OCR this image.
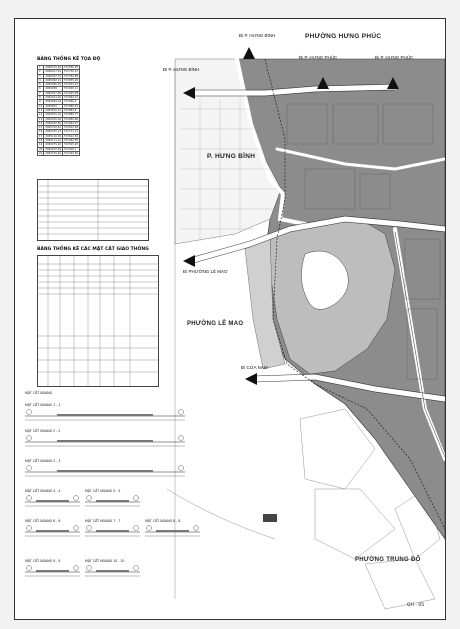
PHƯỜNG HƯNG PHÚC
P. HƯNG BÌNH
PHƯỜNG LÊ MAO
PHƯỜNG TRUNG ĐÔ
Đi P. HƯNG BÌNH
Đi P. HƯNG PHÚC	Đi P. HƯNG PHÚC
Đi P. HƯNG BÌNH
Đi PHƯỜNG LÊ MAO
Đi CỬA NAM
BẢNG THỐNG KÊ TỌA ĐỘ
1	2066015.26	572586.95
2	2066017.20	572736.12
3	2066007.34	572784.88
4	2065992.41	572835.26
5	2065986.30	572874.13
6	2065958.	572928.11
7	2065937.90	572945.98
8	2065914.06	572954.22
9	2065894.04	572966.4
10	2065852.	572986.44
11	2065870.10	572863.8
12	2065870.10	572880.71
13	2065450.00	572980.96
14	2065400.80	572944.07
15	2065310.61	572812.69
16	2065250.23	572711.11
17	2065116.30	572612.56
18	2065111.12	572462.50
19	2065075.00	572505.28
20	2065070.99	572506.1
21	2064155.62	572449.86
BẢNG THỐNG KÊ CÁC MẶT CẮT GIAO THÔNG
MẶT CẮT NGANG
MẶT CẮT NGANG 1 - 1
MẶT CẮT NGANG 2 - 2
MẶT CẮT NGANG 3 - 3
MẶT CẮT NGANG 4 - 4	MẶT CẮT NGANG 5 - 5
MẶT CẮT NGANG 6 - 6	MẶT CẮT NGANG 7 - 7	MẶT CẮT NGANG 8 - 8
MẶT CẮT NGANG 9 - 9	MẶT CẮT NGANG 10 - 10
QH - 05
